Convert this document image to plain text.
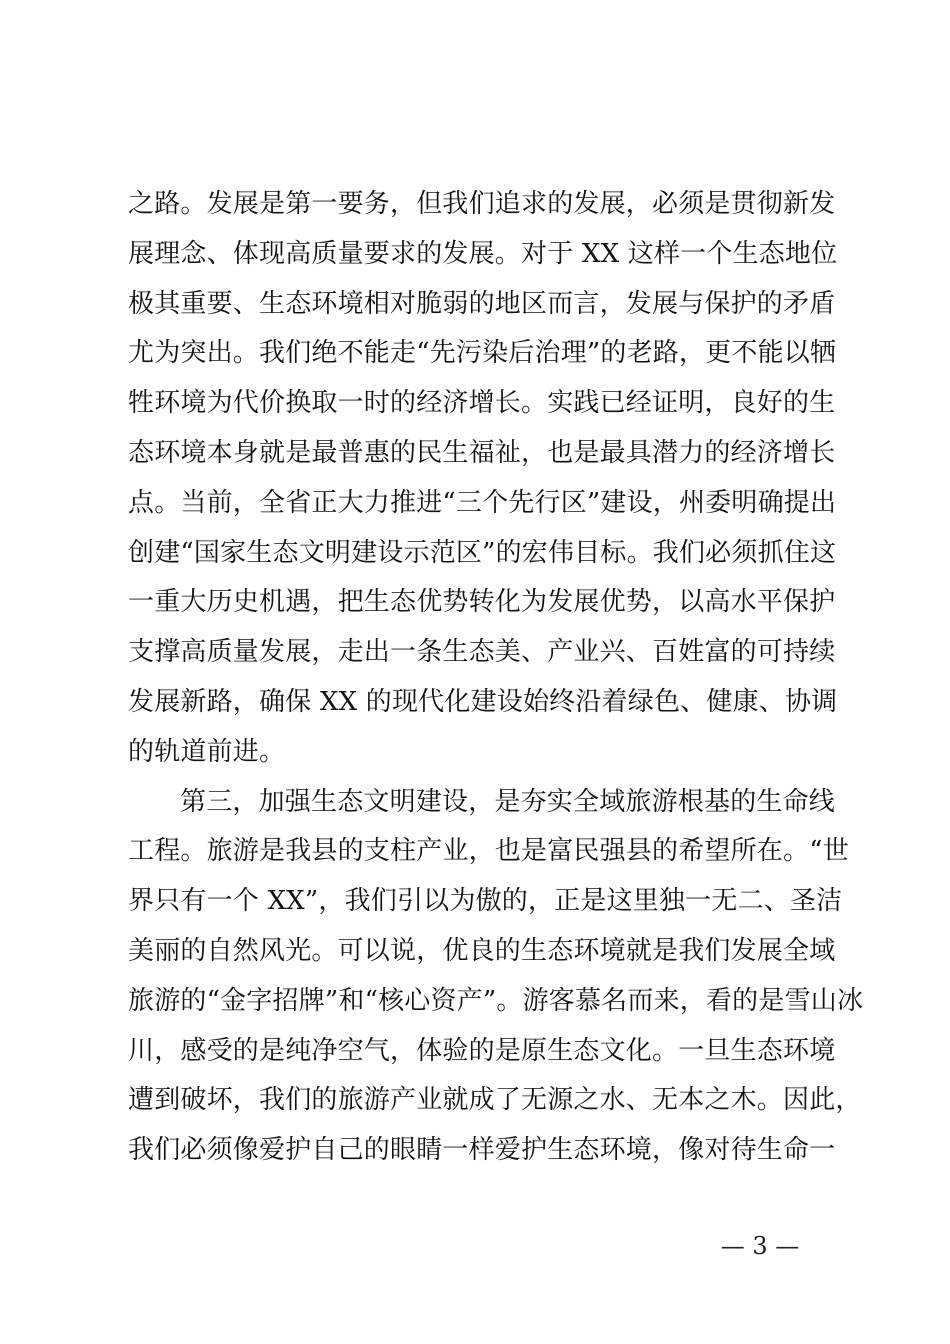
之路。发展是第一要务，但我们追求的发展，必须是贯彻新发
展理念、体现高质量要求的发展。对于 XX 这样一个生态地位
极其重要、生态环境相对脆弱的地区而言，发展与保护的矛盾
尤为突出。我们绝不能走“先污染后治理”的老路，更不能以牺
牲环境为代价换取一时的经济增长。实践已经证明，良好的生
态环境本身就是最普惠的民生福祉，也是最具潜力的经济增长
点。当前，全省正大力推进“三个先行区”建设，州委明确提出
创建“国家生态文明建设示范区”的宏伟目标。我们必须抓住这
一重大历史机遇，把生态优势转化为发展优势，以高水平保护
支撑高质量发展，走出一条生态美、产业兴、百姓富的可持续
发展新路，确保 XX 的现代化建设始终沿着绿色、健康、协调
的轨道前进。
第三，加强生态文明建设，是夯实全域旅游根基的生命线
工程。旅游是我县的支柱产业，也是富民强县的希望所在。“世
界只有一个 XX”，我们引以为傲的，正是这里独一无二、圣洁
美丽的自然风光。可以说，优良的生态环境就是我们发展全域
旅游的“金字招牌”和“核心资产”。游客慕名而来，看的是雪山冰
川，感受的是纯净空气，体验的是原生态文化。一旦生态环境
遭到破坏，我们的旅游产业就成了无源之水、无本之木。因此，
我们必须像爱护自己的眼睛一样爱护生态环境，像对待生命一
— 3 —
